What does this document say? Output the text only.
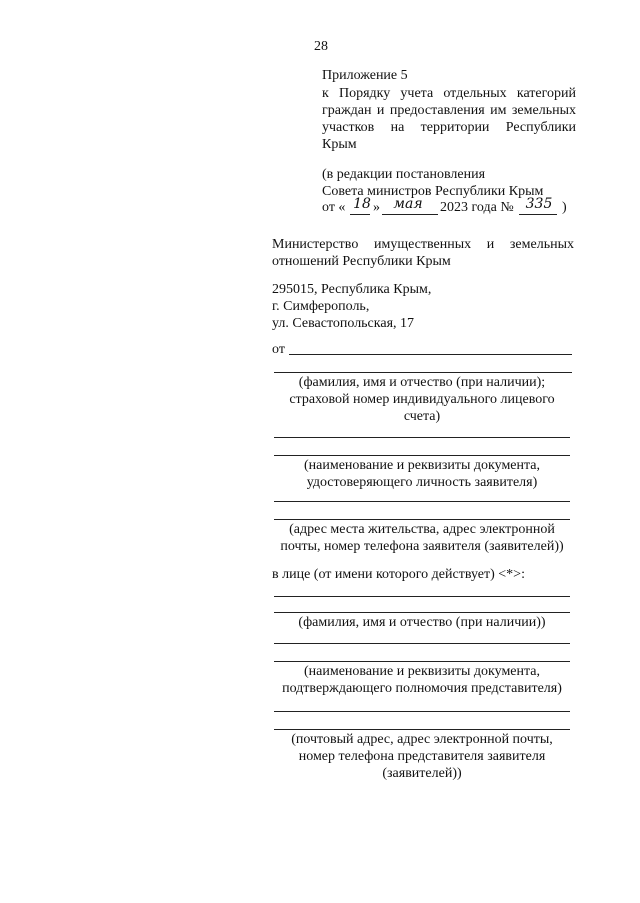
28
Приложение 5
к Порядку учета отдельных категорий
граждан и предоставления им земельных
участков на территории Республики
Крым
(в редакции постановления
Совета министров Республики Крым
от « 18 » мая	2023 года № 335 )
Министерство имущественных и земельных
отношений Республики Крым
295015, Республика Крым,
г. Симферополь,
ул. Севастопольская, 17
от
(фамилия, имя и отчество (при наличии);
страховой номер индивидуального лицевого
счета)
(наименование и реквизиты документа,
удостоверяющего личность заявителя)
(адрес места жительства, адрес электронной
почты, номер телефона заявителя (заявителей))
в лице (от имени которого действует) <*>:
(фамилия, имя и отчество (при наличии))
(наименование и реквизиты документа,
подтверждающего полномочия представителя)
(почтовый адрес, адрес электронной почты,
номер телефона представителя заявителя
(заявителей))
